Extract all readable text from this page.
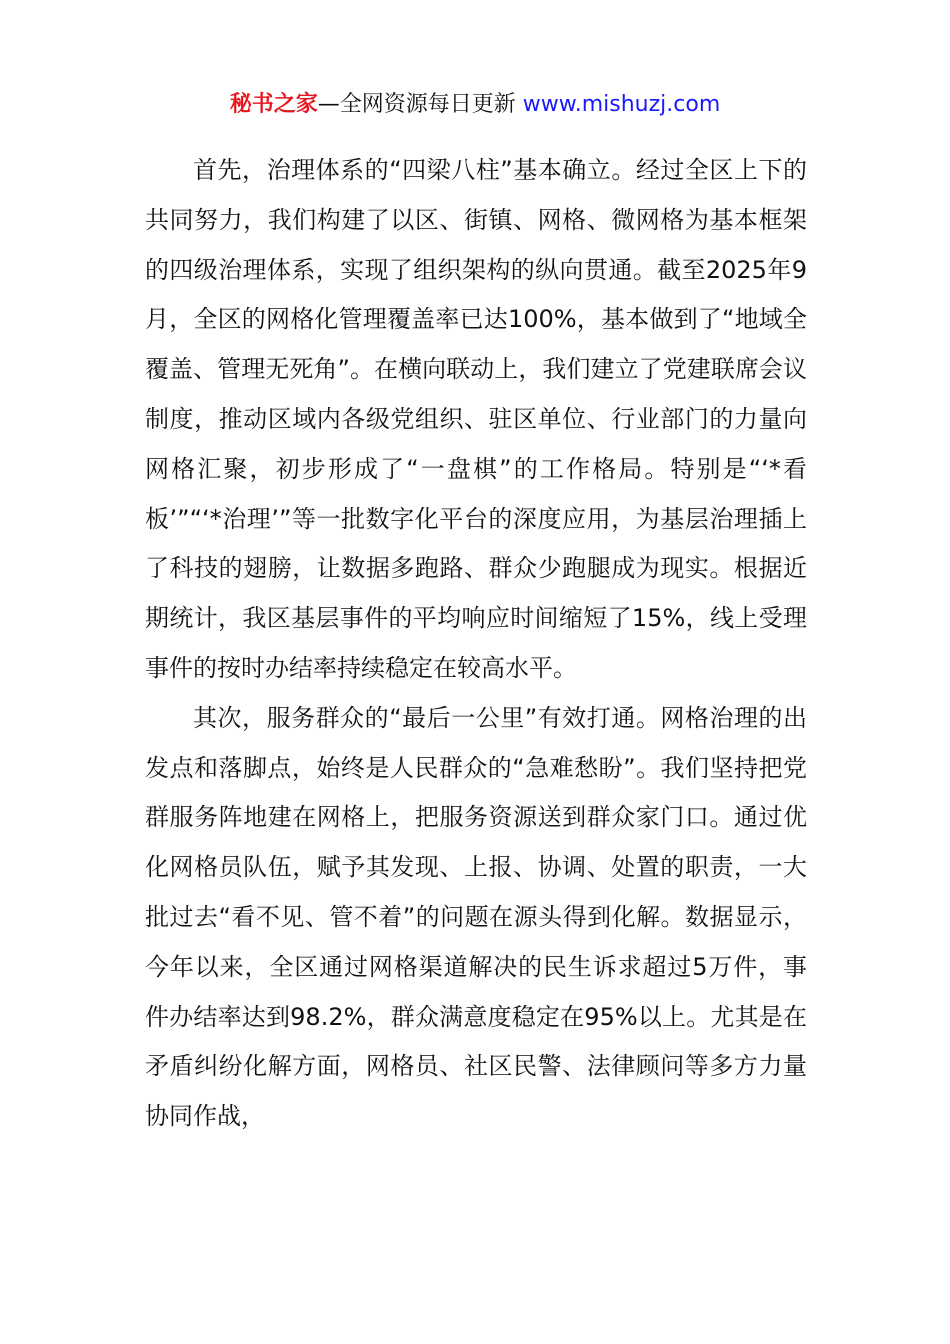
秘书之家—全网资源每日更新 www.mishuzj.com

首先，治理体系的“四梁八柱”基本确立。经过全区上下的共同努力，我们构建了以区、街镇、网格、微网格为基本框架的四级治理体系，实现了组织架构的纵向贯通。截至2025年9月，全区的网格化管理覆盖率已达100%，基本做到了“地域全覆盖、管理无死角”。在横向联动上，我们建立了党建联席会议制度，推动区域内各级党组织、驻区单位、行业部门的力量向网格汇聚，初步形成了“一盘棋”的工作格局。特别是“‘*看板’”“‘*治理’”等一批数字化平台的深度应用，为基层治理插上了科技的翅膀，让数据多跑路、群众少跑腿成为现实。根据近期统计，我区基层事件的平均响应时间缩短了15%，线上受理事件的按时办结率持续稳定在较高水平。

其次，服务群众的“最后一公里”有效打通。网格治理的出发点和落脚点，始终是人民群众的“急难愁盼”。我们坚持把党群服务阵地建在网格上，把服务资源送到群众家门口。通过优化网格员队伍，赋予其发现、上报、协调、处置的职责，一大批过去“看不见、管不着”的问题在源头得到化解。数据显示，今年以来，全区通过网格渠道解决的民生诉求超过5万件，事件办结率达到98.2%，群众满意度稳定在95%以上。尤其是在矛盾纠纷化解方面，网格员、社区民警、法律顾问等多方力量协同作战，
